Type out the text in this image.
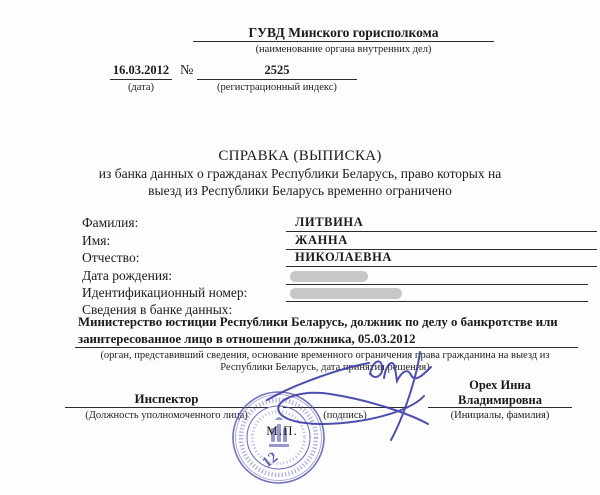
ГУВД Минского горисполкома
(наименование органа внутренних дел)
16.03.2012 №	2525
(дата)	(регистрационный индекс)
СПРАВКА (ВЫПИСКА)
из банка данных о гражданах Республики Беларусь, право которых на
выезд из Республики Беларусь временно ограничено
Фамилия:	ЛИТВИНА
Имя:	ЖАННА
Отчество:	НИКОЛАЕВНА
Дата рождения:
Идентификационный номер:
Сведения в банке данных:
Министерство юстиции Республики Беларусь, должник по делу о банкротстве или
заинтересованное лицо в отношении должника, 05.03.2012
(орган, представивший сведения, основание временного ограничения права гражданина на выезд из
Республики Беларусь, дата принятия решения)
Инспектор
(Должность уполномоченного лица)	(подпись)
Орех Инна
Владимировна
(Инициалы, фамилия)
12
М.П.
